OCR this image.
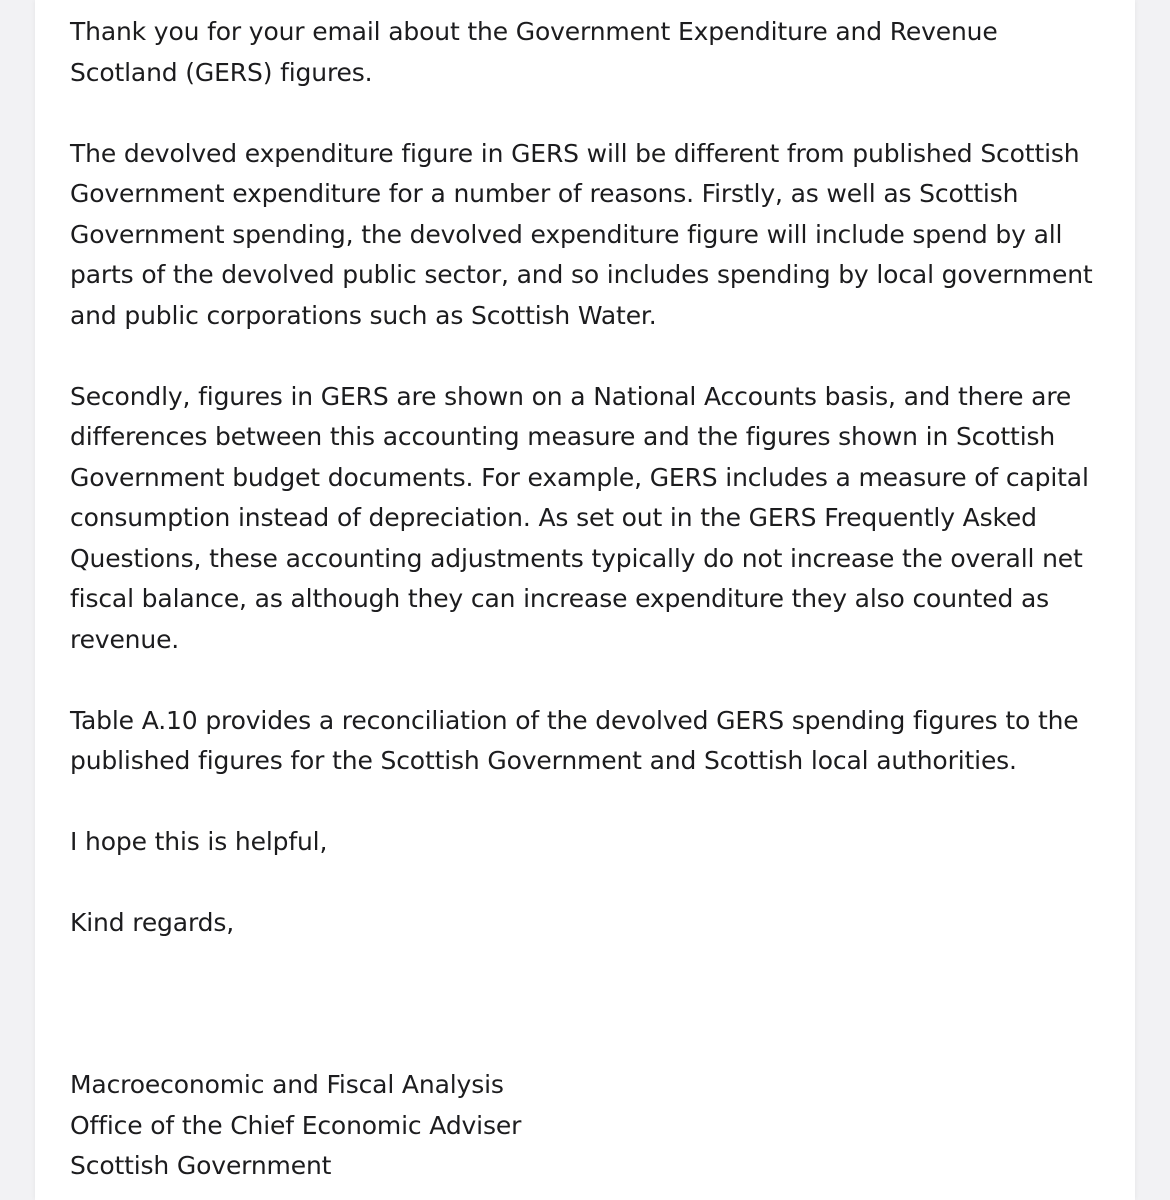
Thank you for your email about the Government Expenditure and Revenue Scotland (GERS) figures.

The devolved expenditure figure in GERS will be different from published Scottish Government expenditure for a number of reasons. Firstly, as well as Scottish Government spending, the devolved expenditure figure will include spend by all parts of the devolved public sector, and so includes spending by local government and public corporations such as Scottish Water.

Secondly, figures in GERS are shown on a National Accounts basis, and there are differences between this accounting measure and the figures shown in Scottish Government budget documents. For example, GERS includes a measure of capital consumption instead of depreciation. As set out in the GERS Frequently Asked Questions, these accounting adjustments typically do not increase the overall net fiscal balance, as although they can increase expenditure they also counted as revenue.

Table A.10 provides a reconciliation of the devolved GERS spending figures to the published figures for the Scottish Government and Scottish local authorities.

I hope this is helpful,

Kind regards,

Macroeconomic and Fiscal Analysis

Office of the Chief Economic Adviser

Scottish Government
